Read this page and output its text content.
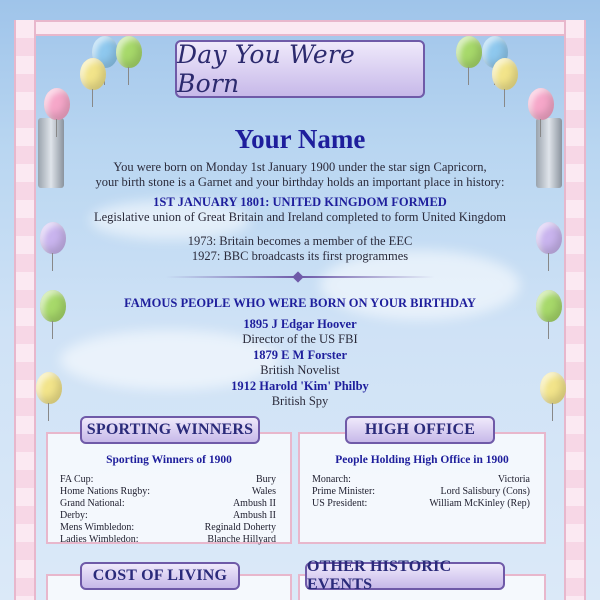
Day You Were Born
Your Name
You were born on Monday 1st January 1900 under the star sign Capricorn,
your birth stone is a Garnet and your birthday holds an important place in history:
1ST JANUARY 1801: UNITED KINGDOM FORMED
Legislative union of Great Britain and Ireland completed to form United Kingdom
1973: Britain becomes a member of the EEC
1927: BBC broadcasts its first programmes
FAMOUS PEOPLE WHO WERE BORN ON YOUR BIRTHDAY
1895 J Edgar Hoover
Director of the US FBI
1879 E M Forster
British Novelist
1912 Harold 'Kim' Philby
British Spy
Sporting Winners of 1900
FA Cup:	Bury
Home Nations Rugby:	Wales
Grand National:	Ambush II
Derby:	Ambush II
Mens Wimbledon:	Reginald Doherty
Ladies Wimbledon:	Blanche Hillyard
People Holding High Office in 1900
Monarch:	Victoria
Prime Minister:	Lord Salisbury (Cons)
US President:	William McKinley (Rep)
SPORTING WINNERS	HIGH OFFICE
COST OF LIVING
OTHER HISTORIC EVENTS
